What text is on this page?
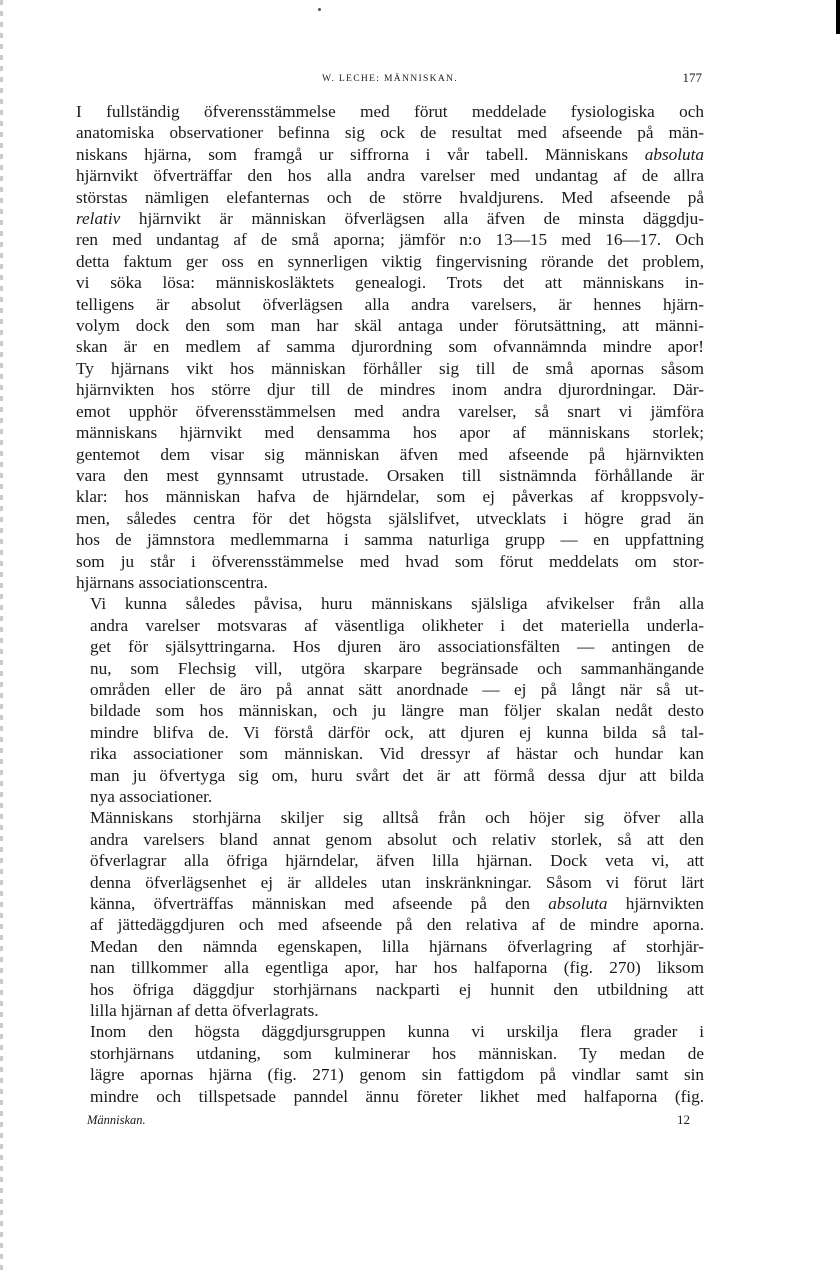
W. LECHE: MÄNNISKAN.	177

I fullständig öfverensstämmelse med förut meddelade fysiologiska och
anatomiska observationer befinna sig ock de resultat med afseende på män-
niskans hjärna, som framgå ur siffrorna i vår tabell. Människans absoluta
hjärnvikt öfverträffar den hos alla andra varelser med undantag af de allra
störstas nämligen elefanternas och de större hvaldjurens. Med afseende på
relativ hjärnvikt är människan öfverlägsen alla äfven de minsta däggdju-
ren med undantag af de små aporna; jämför n:o 13—15 med 16—17. Och
detta faktum ger oss en synnerligen viktig fingervisning rörande det problem,
vi söka lösa: människosläktets genealogi. Trots det att människans in-
telligens är absolut öfverlägsen alla andra varelsers, är hennes hjärn-
volym dock den som man har skäl antaga under förutsättning, att männi-
skan är en medlem af samma djurordning som ofvannämnda mindre apor!
Ty hjärnans vikt hos människan förhåller sig till de små apornas såsom
hjärnvikten hos större djur till de mindres inom andra djurordningar. Där-
emot upphör öfverensstämmelsen med andra varelser, så snart vi jämföra
människans hjärnvikt med densamma hos apor af människans storlek;
gentemot dem visar sig människan äfven med afseende på hjärnvikten
vara den mest gynnsamt utrustade. Orsaken till sistnämnda förhållande är
klar: hos människan hafva de hjärndelar, som ej påverkas af kroppsvoly-
men, således centra för det högsta själslifvet, utvecklats i högre grad än
hos de jämnstora medlemmarna i samma naturliga grupp — en uppfattning
som ju står i öfverensstämmelse med hvad som förut meddelats om stor-
hjärnans associationscentra.

Vi kunna således påvisa, huru människans själsliga afvikelser från alla
andra varelser motsvaras af väsentliga olikheter i det materiella underla-
get för själsyttringarna. Hos djuren äro associationsfälten — antingen de
nu, som Flechsig vill, utgöra skarpare begränsade och sammanhängande
områden eller de äro på annat sätt anordnade — ej på långt när så ut-
bildade som hos människan, och ju längre man följer skalan nedåt desto
mindre blifva de. Vi förstå därför ock, att djuren ej kunna bilda så tal-
rika associationer som människan. Vid dressyr af hästar och hundar kan
man ju öfvertyga sig om, huru svårt det är att förmå dessa djur att bilda
nya associationer.

Människans storhjärna skiljer sig alltså från och höjer sig öfver alla
andra varelsers bland annat genom absolut och relativ storlek, så att den
öfverlagrar alla öfriga hjärndelar, äfven lilla hjärnan. Dock veta vi, att
denna öfverlägsenhet ej är alldeles utan inskränkningar. Såsom vi förut lärt
känna, öfverträffas människan med afseende på den absoluta hjärnvikten
af jättedäggdjuren och med afseende på den relativa af de mindre aporna.
Medan den nämnda egenskapen, lilla hjärnans öfverlagring af storhjär-
nan tillkommer alla egentliga apor, har hos halfaporna (fig. 270) liksom
hos öfriga däggdjur storhjärnans nackparti ej hunnit den utbildning att
lilla hjärnan af detta öfverlagrats.

Inom den högsta däggdjursgruppen kunna vi urskilja flera grader i
storhjärnans utdaning, som kulminerar hos människan. Ty medan de
lägre apornas hjärna (fig. 271) genom sin fattigdom på vindlar samt sin
mindre och tillspetsade panndel ännu företer likhet med halfaporna (fig.

Människan.	12
